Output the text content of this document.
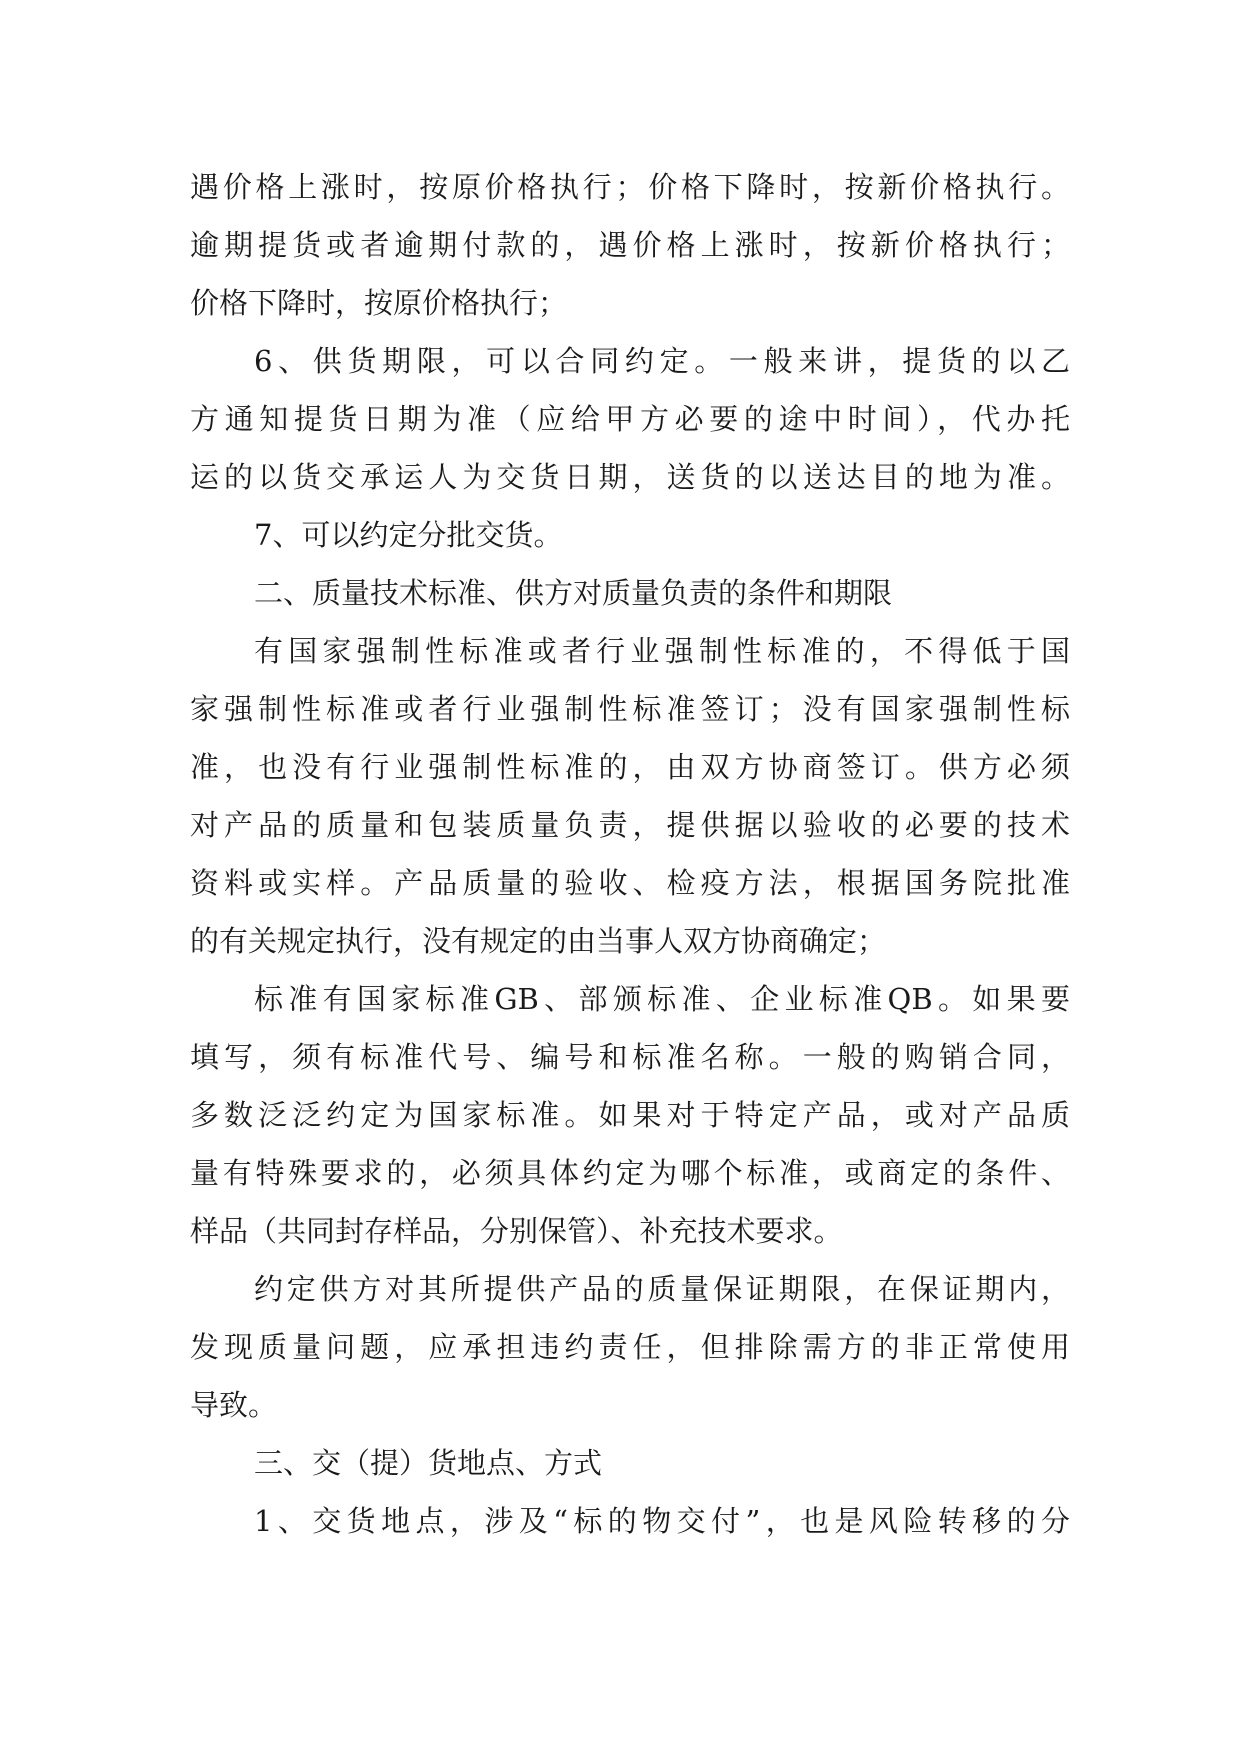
遇价格上涨时，按原价格执行；价格下降时，按新价格执行。
逾期提货或者逾期付款的，遇价格上涨时，按新价格执行；
价格下降时，按原价格执行；
6、供货期限，可以合同约定。一般来讲，提货的以乙
方通知提货日期为准（应给甲方必要的途中时间），代办托
运的以货交承运人为交货日期，送货的以送达目的地为准。
7、可以约定分批交货。
二、质量技术标准、供方对质量负责的条件和期限
有国家强制性标准或者行业强制性标准的，不得低于国
家强制性标准或者行业强制性标准签订；没有国家强制性标
准，也没有行业强制性标准的，由双方协商签订。供方必须
对产品的质量和包装质量负责，提供据以验收的必要的技术
资料或实样。产品质量的验收、检疫方法，根据国务院批准
的有关规定执行，没有规定的由当事人双方协商确定；
标准有国家标准GB、部颁标准、企业标准QB。如果要
填写，须有标准代号、编号和标准名称。一般的购销合同，
多数泛泛约定为国家标准。如果对于特定产品，或对产品质
量有特殊要求的，必须具体约定为哪个标准，或商定的条件、
样品（共同封存样品，分别保管）、补充技术要求。
约定供方对其所提供产品的质量保证期限，在保证期内，
发现质量问题，应承担违约责任，但排除需方的非正常使用
导致。
三、交（提）货地点、方式
1、交货地点，涉及“标的物交付”，也是风险转移的分
